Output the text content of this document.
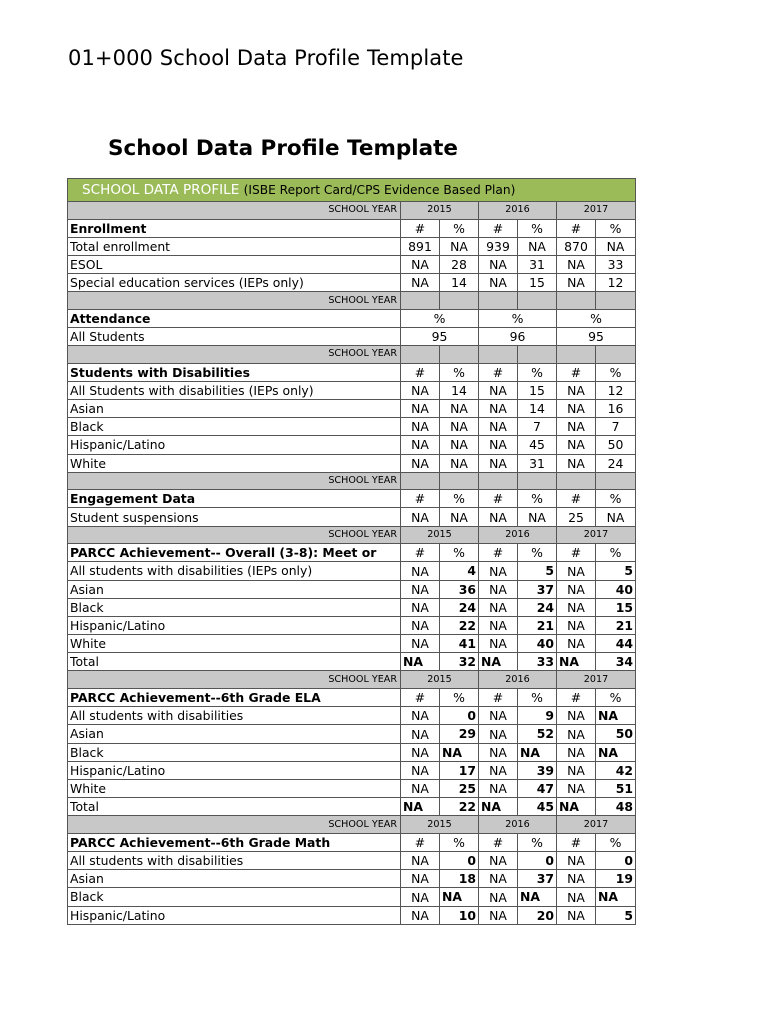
01+000 School Data Profile Template
School Data Profile Template
SCHOOL DATA PROFILE (ISBE Report Card/CPS Evidence Based Plan)						
SCHOOL YEAR	2015		2016		2017	
Enrollment	#	%	#	%	#	%
Total enrollment	891	NA	939	NA	870	NA
ESOL	NA	28	NA	31	NA	33
Special education services (IEPs only)	NA	14	NA	15	NA	12
SCHOOL YEAR						
Attendance	%		%		%	
All Students	95		96		95	
SCHOOL YEAR						
Students with Disabilities	#	%	#	%	#	%
All Students with disabilities (IEPs only)	NA	14	NA	15	NA	12
Asian	NA	NA	NA	14	NA	16
Black	NA	NA	NA	7	NA	7
Hispanic/Latino	NA	NA	NA	45	NA	50
White	NA	NA	NA	31	NA	24
SCHOOL YEAR						
Engagement Data	#	%	#	%	#	%
Student suspensions	NA	NA	NA	NA	25	NA
SCHOOL YEAR	2015		2016		2017	
PARCC Achievement-- Overall (3-8): Meet or	#	%	#	%	#	%
All students with disabilities (IEPs only)	NA	4	NA	5	NA	5
Asian	NA	36	NA	37	NA	40
Black	NA	24	NA	24	NA	15
Hispanic/Latino	NA	22	NA	21	NA	21
White	NA	41	NA	40	NA	44
Total	NA	32	NA	33	NA	34
SCHOOL YEAR	2015		2016		2017	
PARCC Achievement--6th Grade ELA	#	%	#	%	#	%
All students with disabilities	NA	0	NA	9	NA	NA
Asian	NA	29	NA	52	NA	50
Black	NA	NA	NA	NA	NA	NA
Hispanic/Latino	NA	17	NA	39	NA	42
White	NA	25	NA	47	NA	51
Total	NA	22	NA	45	NA	48
SCHOOL YEAR	2015		2016		2017	
PARCC Achievement--6th Grade Math	#	%	#	%	#	%
All students with disabilities	NA	0	NA	0	NA	0
Asian	NA	18	NA	37	NA	19
Black	NA	NA	NA	NA	NA	NA
Hispanic/Latino	NA	10	NA	20	NA	5
